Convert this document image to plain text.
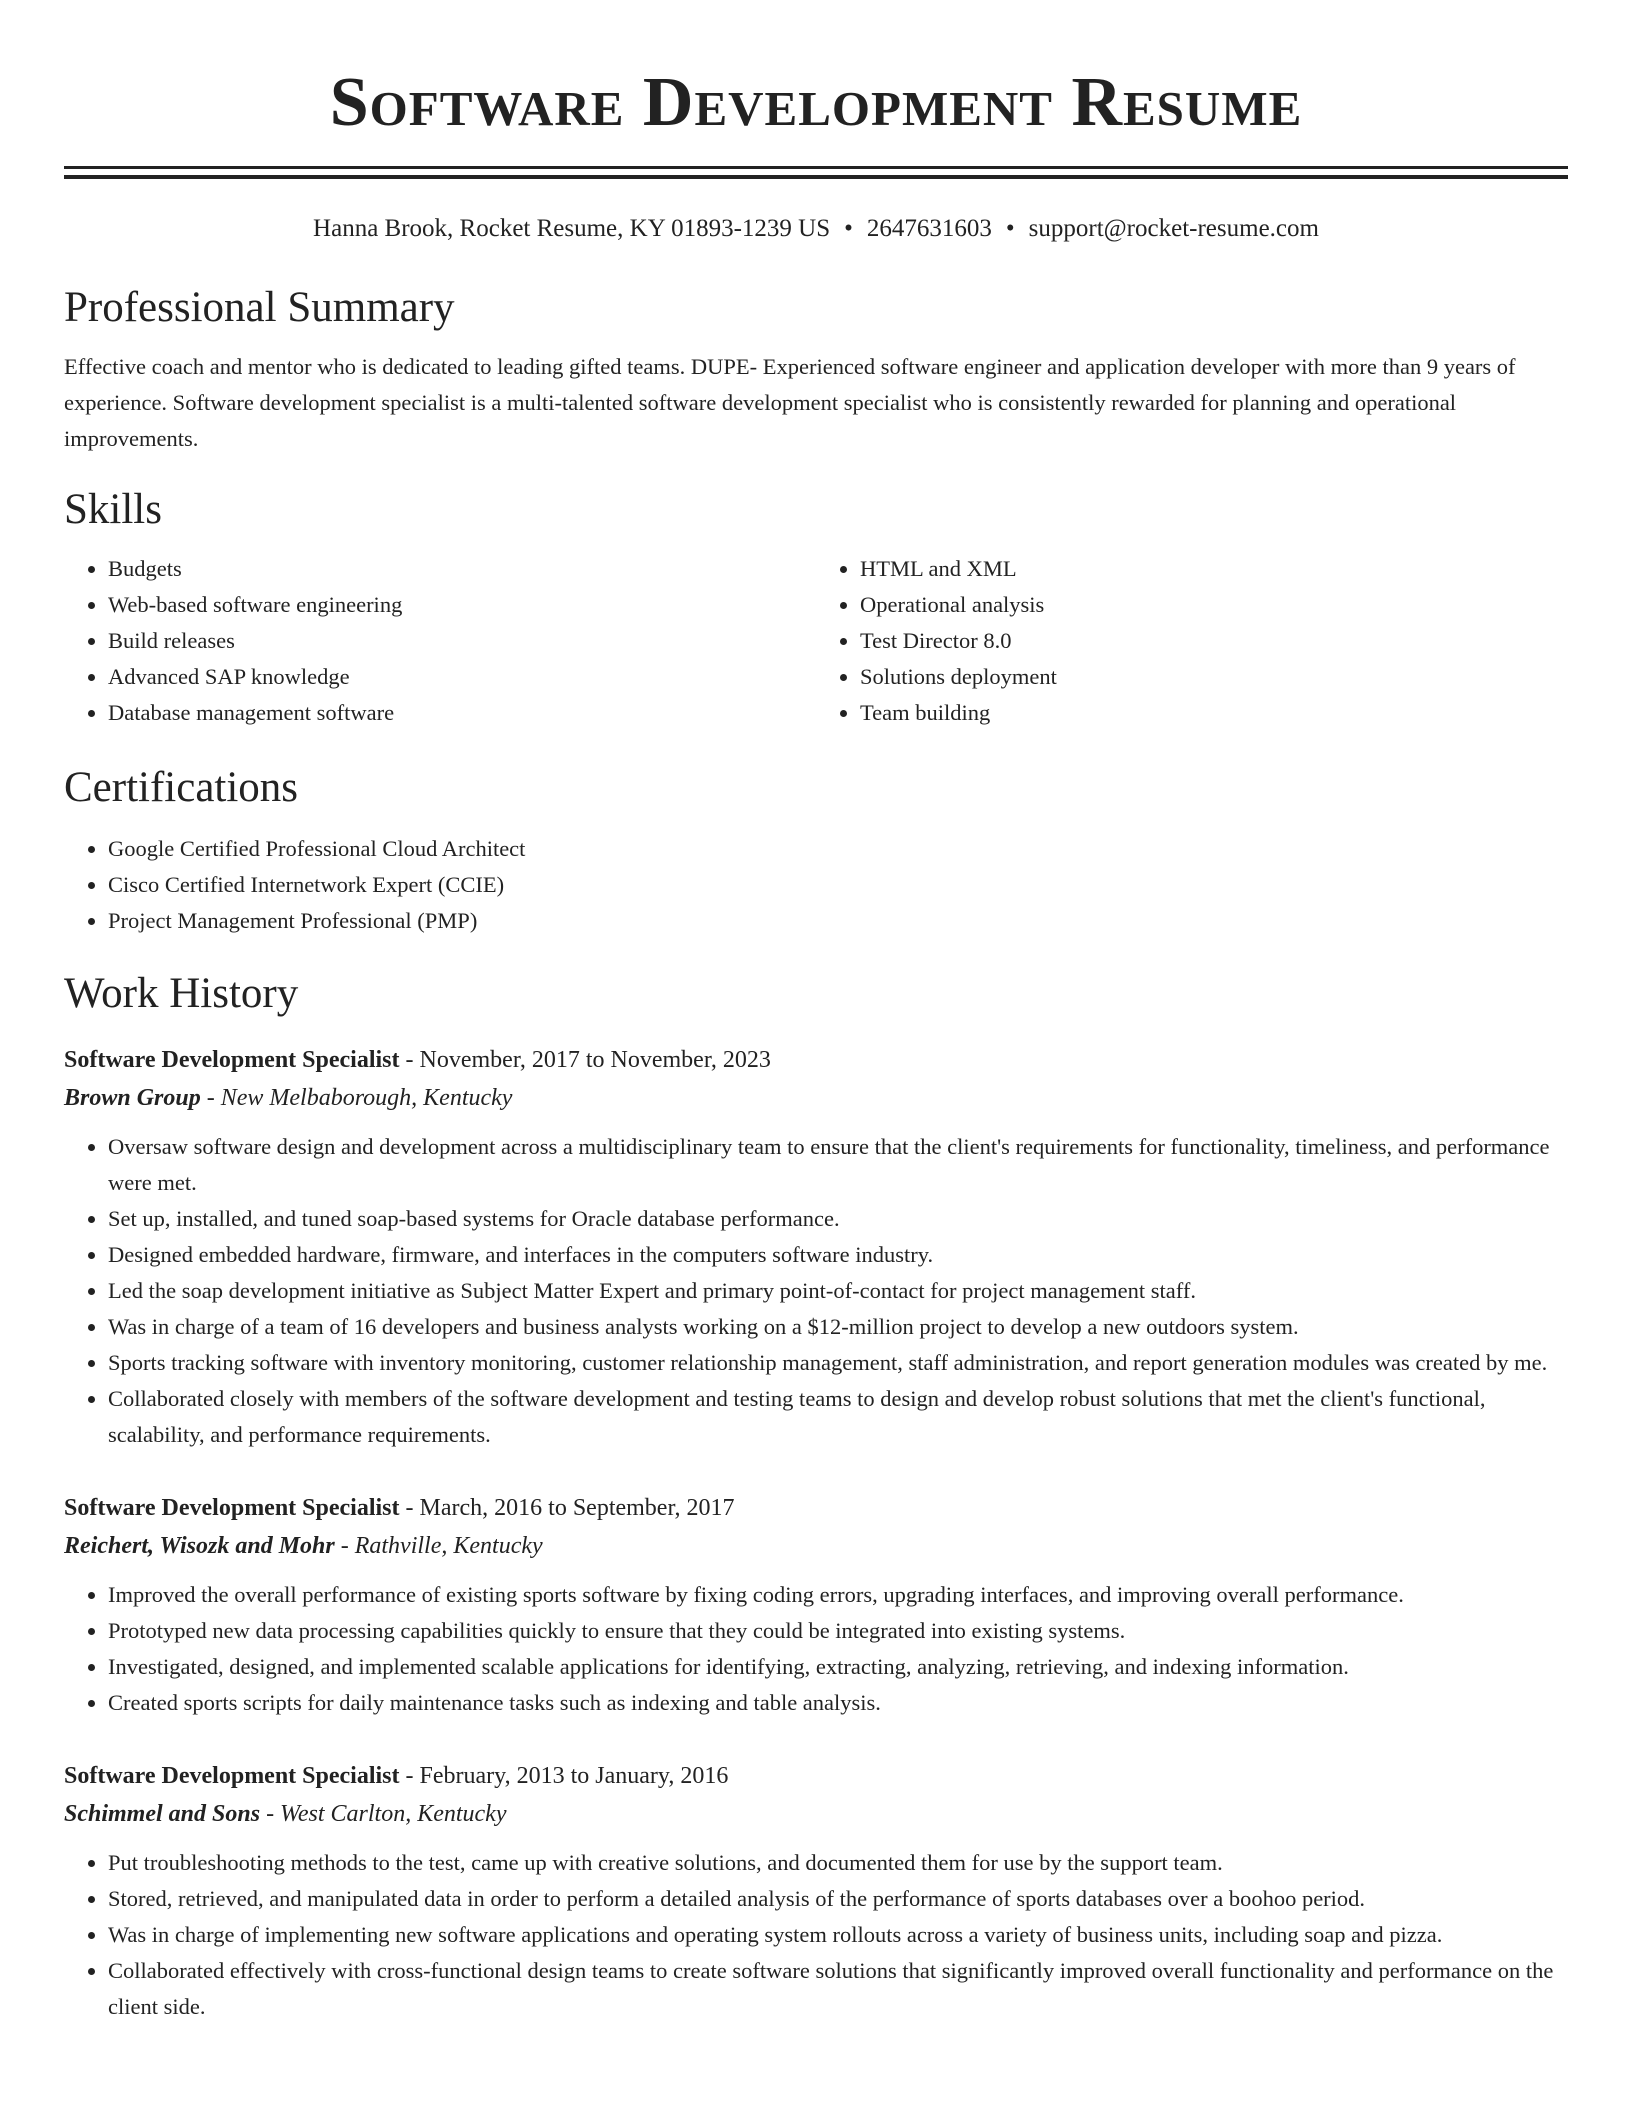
Software Development Resume
Hanna Brook, Rocket Resume, KY 01893-1239 US • 2647631603 • support@rocket-resume.com
Professional Summary
Effective coach and mentor who is dedicated to leading gifted teams. DUPE- Experienced software engineer and application developer with more than 9 years of experience. Software development specialist is a multi-talented software development specialist who is consistently rewarded for planning and operational improvements.
Skills
• Budgets
• Web-based software engineering
• Build releases
• Advanced SAP knowledge
• Database management software
• HTML and XML
• Operational analysis
• Test Director 8.0
• Solutions deployment
• Team building
Certifications
• Google Certified Professional Cloud Architect
• Cisco Certified Internetwork Expert (CCIE)
• Project Management Professional (PMP)
Work History
Software Development Specialist - November, 2017 to November, 2023
Brown Group - New Melbaborough, Kentucky
• Oversaw software design and development across a multidisciplinary team to ensure that the client's requirements for functionality, timeliness, and performance were met.
• Set up, installed, and tuned soap-based systems for Oracle database performance.
• Designed embedded hardware, firmware, and interfaces in the computers software industry.
• Led the soap development initiative as Subject Matter Expert and primary point-of-contact for project management staff.
• Was in charge of a team of 16 developers and business analysts working on a $12-million project to develop a new outdoors system.
• Sports tracking software with inventory monitoring, customer relationship management, staff administration, and report generation modules was created by me.
• Collaborated closely with members of the software development and testing teams to design and develop robust solutions that met the client's functional, scalability, and performance requirements.
Software Development Specialist - March, 2016 to September, 2017
Reichert, Wisozk and Mohr - Rathville, Kentucky
• Improved the overall performance of existing sports software by fixing coding errors, upgrading interfaces, and improving overall performance.
• Prototyped new data processing capabilities quickly to ensure that they could be integrated into existing systems.
• Investigated, designed, and implemented scalable applications for identifying, extracting, analyzing, retrieving, and indexing information.
• Created sports scripts for daily maintenance tasks such as indexing and table analysis.
Software Development Specialist - February, 2013 to January, 2016
Schimmel and Sons - West Carlton, Kentucky
• Put troubleshooting methods to the test, came up with creative solutions, and documented them for use by the support team.
• Stored, retrieved, and manipulated data in order to perform a detailed analysis of the performance of sports databases over a boohoo period.
• Was in charge of implementing new software applications and operating system rollouts across a variety of business units, including soap and pizza.
• Collaborated effectively with cross-functional design teams to create software solutions that significantly improved overall functionality and performance on the client side.
